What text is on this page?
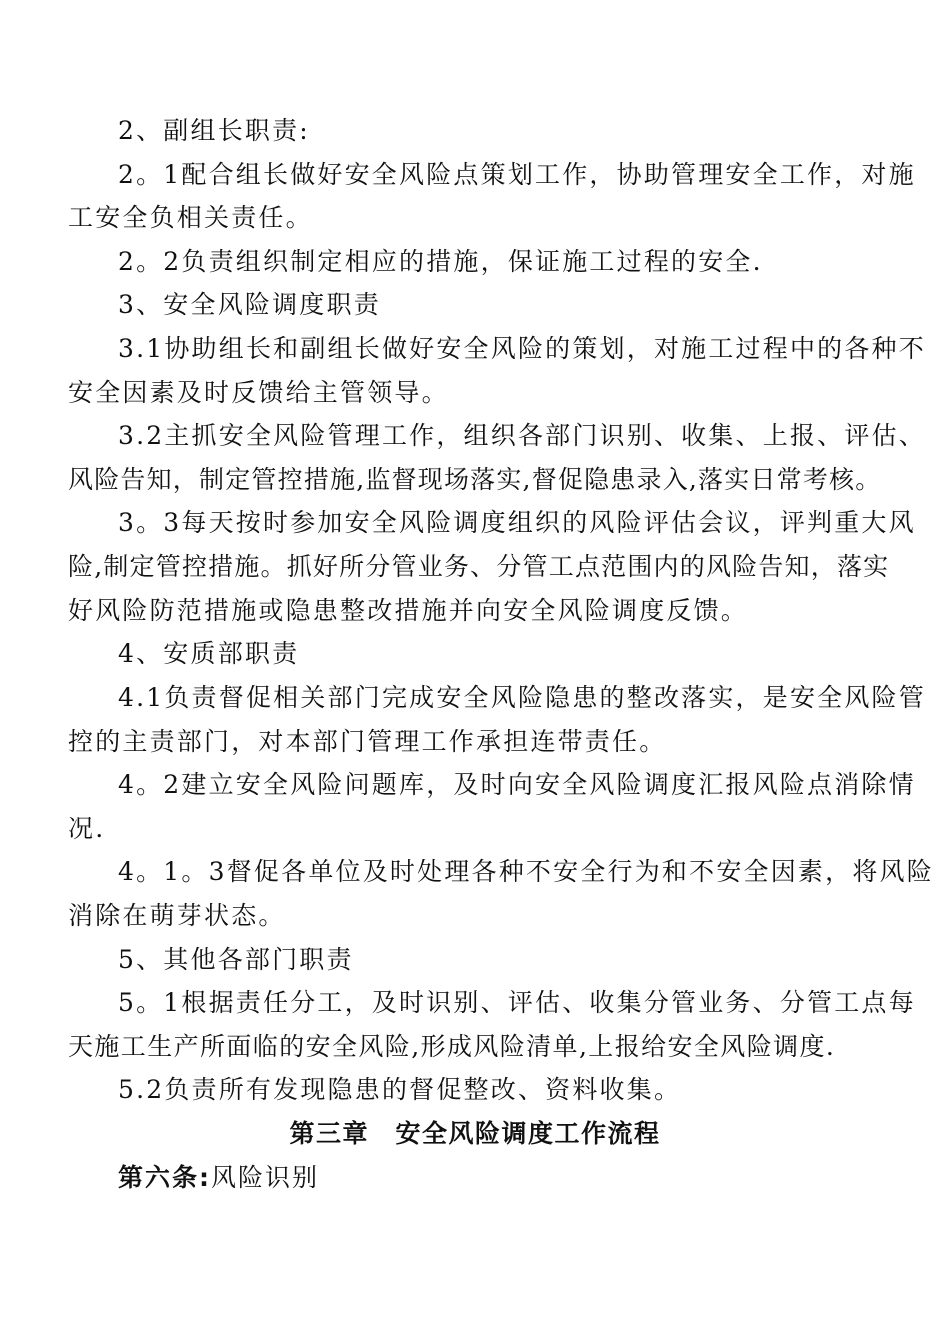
2、副组长职责:
2。1配合组长做好安全风险点策划工作，协助管理安全工作，对施
工安全负相关责任。
2。2负责组织制定相应的措施，保证施工过程的安全.
3、安全风险调度职责
3.1协助组长和副组长做好安全风险的策划，对施工过程中的各种不
安全因素及时反馈给主管领导。
3.2主抓安全风险管理工作，组织各部门识别、收集、上报、评估、
风险告知，制定管控措施,监督现场落实,督促隐患录入,落实日常考核。
3。3每天按时参加安全风险调度组织的风险评估会议，评判重大风
险,制定管控措施。抓好所分管业务、分管工点范围内的风险告知，落实
好风险防范措施或隐患整改措施并向安全风险调度反馈。
4、安质部职责
4.1负责督促相关部门完成安全风险隐患的整改落实，是安全风险管
控的主责部门，对本部门管理工作承担连带责任。
4。2建立安全风险问题库，及时向安全风险调度汇报风险点消除情
况.
4。1。3督促各单位及时处理各种不安全行为和不安全因素，将风险
消除在萌芽状态。
5、其他各部门职责
5。1根据责任分工，及时识别、评估、收集分管业务、分管工点每
天施工生产所面临的安全风险,形成风险清单,上报给安全风险调度.
5.2负责所有发现隐患的督促整改、资料收集。
第三章　安全风险调度工作流程
第六条:风险识别
